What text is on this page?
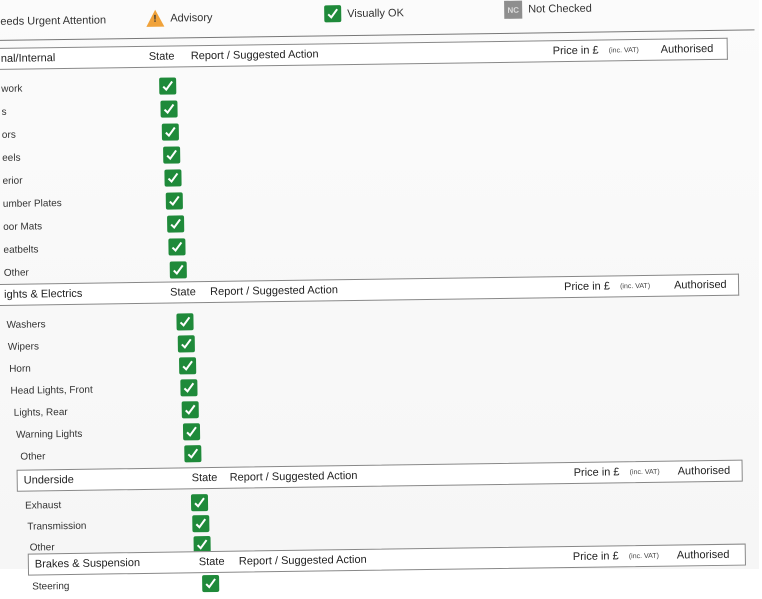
eeds Urgent Attention
!	Advisory	Visually OK	NC Not Checked
nal/Internal	State Report / Suggested Action	Price in £ (inc. VAT) Authorised
work
s
ors
eels
erior
umber Plates
oor Mats
eatbelts
Other
ights & Electrics	State Report / Suggested Action	Price in £ (inc. VAT) Authorised
Washers
Wipers
Horn
Head Lights, Front
Lights, Rear
Warning Lights
Other
Underside	State Report / Suggested Action	Price in £ (inc. VAT) Authorised
Exhaust
Transmission
Other
Brakes & Suspension	State Report / Suggested Action	Price in £ (inc. VAT) Authorised
Steering
